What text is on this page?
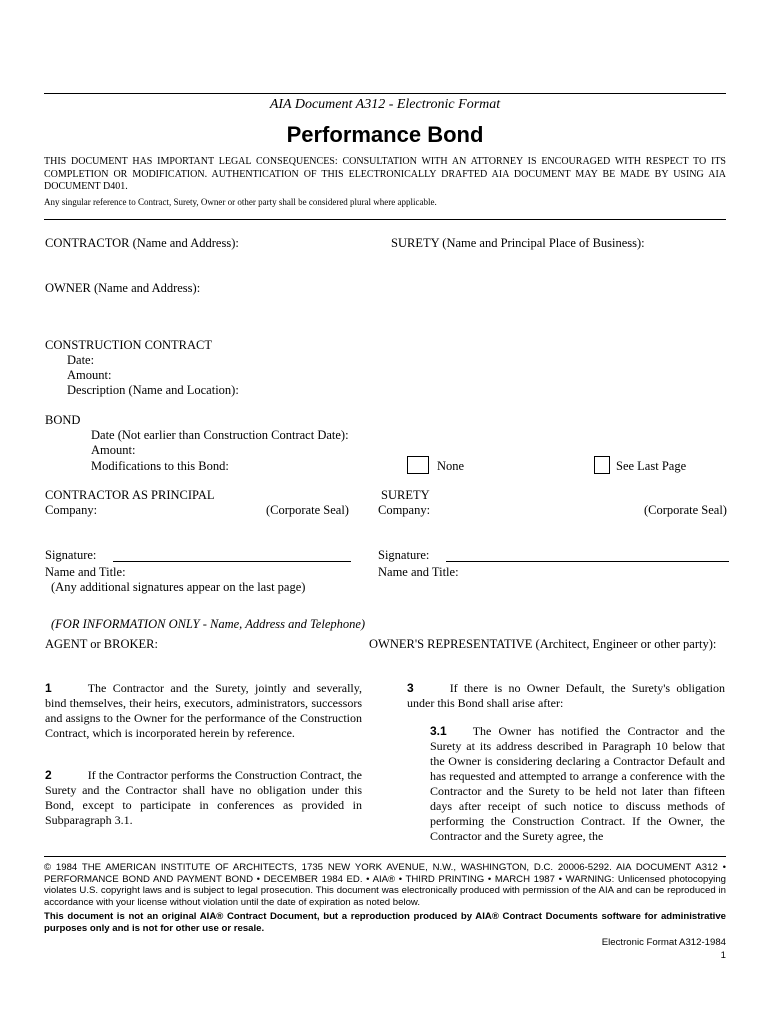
AIA Document A312 - Electronic Format
Performance Bond
THIS DOCUMENT HAS IMPORTANT LEGAL CONSEQUENCES: CONSULTATION WITH AN ATTORNEY IS ENCOURAGED WITH RESPECT TO ITS COMPLETION OR MODIFICATION. AUTHENTICATION OF THIS ELECTRONICALLY DRAFTED AIA DOCUMENT MAY BE MADE BY USING AIA DOCUMENT D401.
Any singular reference to Contract, Surety, Owner or other party shall be considered plural where applicable.
CONTRACTOR (Name and Address):	SURETY (Name and Principal Place of Business):
OWNER (Name and Address):
CONSTRUCTION CONTRACT
Date:
Amount:
Description (Name and Location):
BOND
Date (Not earlier than Construction Contract Date):
Amount:
Modifications to this Bond:	None	See Last Page
CONTRACTOR AS PRINCIPAL	SURETY
Company:	(Corporate Seal) Company:	(Corporate Seal)
Signature:	Signature:
Name and Title:	Name and Title:
(Any additional signatures appear on the last page)
(FOR INFORMATION ONLY - Name, Address and Telephone)
AGENT or BROKER:	OWNER'S REPRESENTATIVE (Architect, Engineer or other party):
1	The Contractor and the Surety, jointly and severally, bind themselves, their heirs, executors, administrators, successors and assigns to the Owner for the performance of the Construction Contract, which is incorporated herein by reference.
2	If the Contractor performs the Construction Contract, the Surety and the Contractor shall have no obligation under this Bond, except to participate in conferences as provided in Subparagraph 3.1.
3	If there is no Owner Default, the Surety's obligation under this Bond shall arise after:
3.1 The Owner has notified the Contractor and the Surety at its address described in Paragraph 10 below that the Owner is considering declaring a Contractor Default and has requested and attempted to arrange a conference with the Contractor and the Surety to be held not later than fifteen days after receipt of such notice to discuss methods of performing the Construction Contract. If the Owner, the Contractor and the Surety agree, the
© 1984 THE AMERICAN INSTITUTE OF ARCHITECTS, 1735 NEW YORK AVENUE, N.W., WASHINGTON, D.C. 20006-5292. AIA DOCUMENT A312 • PERFORMANCE BOND AND PAYMENT BOND • DECEMBER 1984 ED. • AIA® • THIRD PRINTING • MARCH 1987 • WARNING: Unlicensed photocopying violates U.S. copyright laws and is subject to legal prosecution. This document was electronically produced with permission of the AIA and can be reproduced in accordance with your license without violation until the date of expiration as noted below.
This document is not an original AIA® Contract Document, but a reproduction produced by AIA® Contract Documents software for administrative purposes only and is not for other use or resale.
Electronic Format A312-1984
1
